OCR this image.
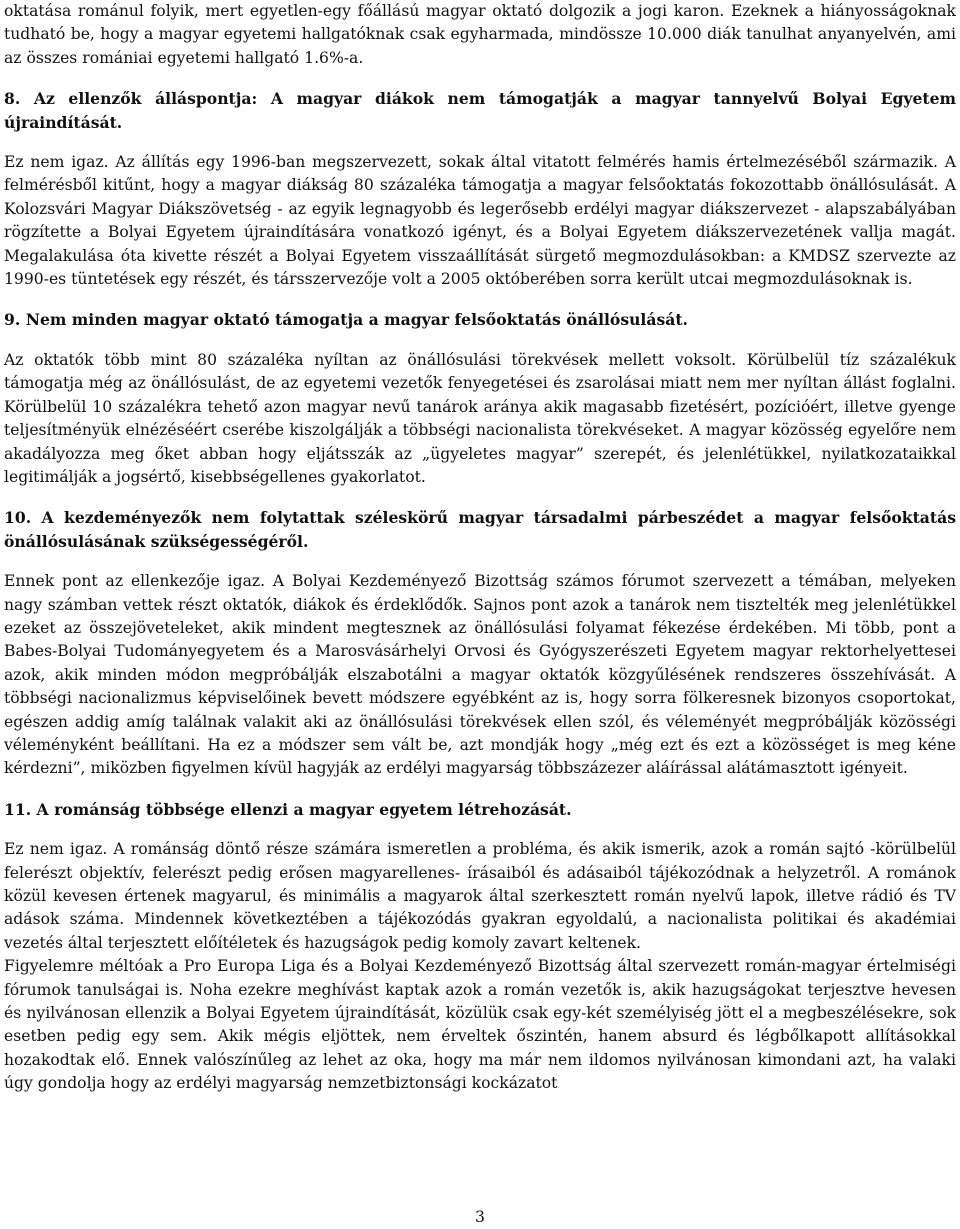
oktatása románul folyik, mert egyetlen-egy főállású magyar oktató dolgozik a jogi karon. Ezeknek a hiányosságoknak tudható be, hogy a magyar egyetemi hallgatóknak csak egyharmada, mindössze 10.000 diák tanulhat anyanyelvén, ami az összes romániai egyetemi hallgató 1.6%-a.

8. Az ellenzők álláspontja: A magyar diákok nem támogatják a magyar tannyelvű Bolyai Egyetem újraindítását.

Ez nem igaz. Az állítás egy 1996-ban megszervezett, sokak által vitatott felmérés hamis értelmezéséből származik. A felmérésből kitűnt, hogy a magyar diákság 80 százaléka támogatja a magyar felsőoktatás fokozottabb önállósulását. A Kolozsvári Magyar Diákszövetség - az egyik legnagyobb és legerősebb erdélyi magyar diákszervezet - alapszabályában rögzítette a Bolyai Egyetem újraindítására vonatkozó igényt, és a Bolyai Egyetem diákszervezetének vallja magát. Megalakulása óta kivette részét a Bolyai Egyetem visszaállítását sürgető megmozdulásokban: a KMDSZ szervezte az 1990-es tüntetések egy részét, és társszervezője volt a 2005 októberében sorra került utcai megmozdulásoknak is.

9. Nem minden magyar oktató támogatja a magyar felsőoktatás önállósulását.

Az oktatók több mint 80 százaléka nyíltan az önállósulási törekvések mellett voksolt. Körülbelül tíz százalékuk támogatja még az önállósulást, de az egyetemi vezetők fenyegetései és zsarolásai miatt nem mer nyíltan állást foglalni. Körülbelül 10 százalékra tehető azon magyar nevű tanárok aránya akik magasabb fizetésért, pozícióért, illetve gyenge teljesítményük elnézéséért cserébe kiszolgálják a többségi nacionalista törekvéseket. A magyar közösség egyelőre nem akadályozza meg őket abban hogy eljátsszák az „ügyeletes magyar” szerepét, és jelenlétükkel, nyilatkozataikkal legitimálják a jogsértő, kisebbségellenes gyakorlatot.

10. A kezdeményezők nem folytattak széleskörű magyar társadalmi párbeszédet a magyar felsőoktatás önállósulásának szükségességéről.

Ennek pont az ellenkezője igaz. A Bolyai Kezdeményező Bizottság számos fórumot szervezett a témában, melyeken nagy számban vettek részt oktatók, diákok és érdeklődők. Sajnos pont azok a tanárok nem tisztelték meg jelenlétükkel ezeket az összejöveteleket, akik mindent megtesznek az önállósulási folyamat fékezése érdekében. Mi több, pont a Babes-Bolyai Tudományegyetem és a Marosvásárhelyi Orvosi és Gyógyszerészeti Egyetem magyar rektorhelyettesei azok, akik minden módon megpróbálják elszabotálni a magyar oktatók közgyűlésének rendszeres összehívását. A többségi nacionalizmus képviselőinek bevett módszere egyébként az is, hogy sorra fölkeresnek bizonyos csoportokat, egészen addig amíg találnak valakit aki az önállósulási törekvések ellen szól, és véleményét megpróbálják közösségi véleményként beállítani. Ha ez a módszer sem vált be, azt mondják hogy „még ezt és ezt a közösséget is meg kéne kérdezni”, miközben figyelmen kívül hagyják az erdélyi magyarság többszázezer aláírással alátámasztott igényeit.

11. A románság többsége ellenzi a magyar egyetem létrehozását.

Ez nem igaz. A románság döntő része számára ismeretlen a probléma, és akik ismerik, azok a román sajtó -körülbelül felerészt objektív, felerészt pedig erősen magyarellenes- írásaiból és adásaiból tájékozódnak a helyzetről. A románok közül kevesen értenek magyarul, és minimális a magyarok által szerkesztett román nyelvű lapok, illetve rádió és TV adások száma. Mindennek következtében a tájékozódás gyakran egyoldalú, a nacionalista politikai és akadémiai vezetés által terjesztett előítéletek és hazugságok pedig komoly zavart keltenek.

Figyelemre méltóak a Pro Europa Liga és a Bolyai Kezdeményező Bizottság által szervezett román-magyar értelmiségi fórumok tanulságai is. Noha ezekre meghívást kaptak azok a román vezetők is, akik hazugságokat terjesztve hevesen és nyilvánosan ellenzik a Bolyai Egyetem újraindítását, közülük csak egy-két személyiség jött el a megbeszélésekre, sok esetben pedig egy sem. Akik mégis eljöttek, nem érveltek őszintén, hanem absurd és légbőlkapott allításokkal hozakodtak elő. Ennek valószínűleg az lehet az oka, hogy ma már nem ildomos nyilvánosan kimondani azt, ha valaki úgy gondolja hogy az erdélyi magyarság nemzetbiztonsági kockázatot

3
